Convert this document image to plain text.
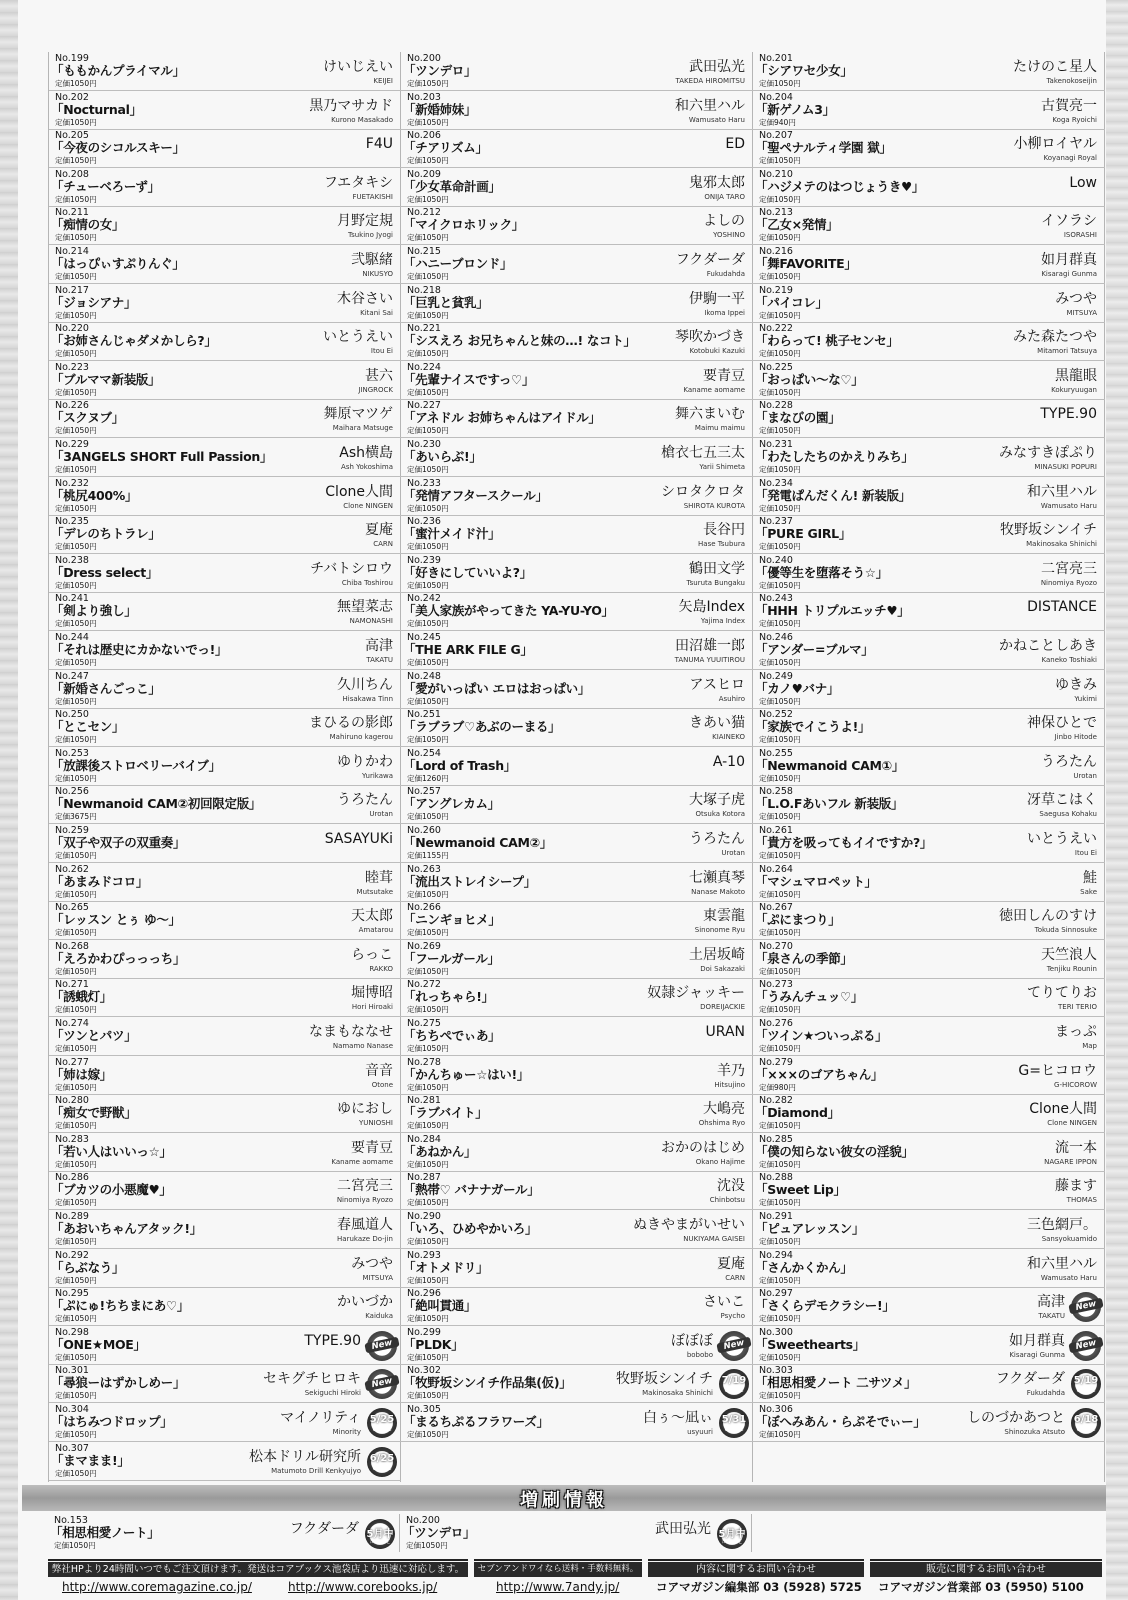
No.199
「ももかんプライマル」
定価1050円
けいじえい
KEIJEI
No.202
「Nocturnal」
定価1050円
黒乃マサカド
Kurono Masakado
No.205
「今夜のシコルスキー」
定価1050円
F4U
No.208
「チューベろーず」
定価1050円
フエタキシ
FUETAKISHI
No.211
「痴情の女」
定価1050円
月野定規
Tsukino Jyogi
No.214
「はっぴぃすぷりんぐ」
定価1050円
弐駆緒
NIKUSYO
No.217
「ジョシアナ」
定価1050円
木谷さい
Kitani Sai
No.220
「お姉さんじゃダメかしら?」
定価1050円
いとうえい
Itou Ei
No.223
「ブルママ新装版」
定価1050円
甚六
JINGROCK
No.226
「スクヌブ」
定価1050円
舞原マツゲ
Maihara Matsuge
No.229
「3ANGELS SHORT Full Passion」
定価1050円
Ash横島
Ash Yokoshima
No.232
「桃尻400%」
定価1050円
Clone人間
Clone NINGEN
No.235
「デレのちトラレ」
定価1050円
夏庵
CARN
No.238
「Dress select」
定価1050円
チバトシロウ
Chiba Toshirou
No.241
「剣より強し」
定価1050円
無望菜志
NAMONASHI
No.244
「それは歴史にカかないでっ!」
定価1050円
高津
TAKATU
No.247
「新婚さんごっこ」
定価1050円
久川ちん
Hisakawa Tinn
No.250
「とこセン」
定価1050円
まひるの影郎
Mahiruno kagerou
No.253
「放課後ストロベリーバイブ」
定価1050円
ゆりかわ
Yurikawa
No.256
「Newmanoid CAM②初回限定版」
定価3675円
うろたん
Urotan
No.259
「双子や双子の双重奏」
定価1050円
SASAYUKi
No.262
「あまみドコロ」
定価1050円
睦茸
Mutsutake
No.265
「レッスン とぅ ゆ〜」
定価1050円
天太郎
Amatarou
No.268
「えろかわぴっっっち」
定価1050円
らっこ
RAKKO
No.271
「誘蛾灯」
定価1050円
堀博昭
Hori Hiroaki
No.274
「ツンとパツ」
定価1050円
なまもななせ
Namamo Nanase
No.277
「姉は嫁」
定価1050円
音音
Otone
No.280
「痴女で野獣」
定価1050円
ゆにおし
YUNIOSHI
No.283
「若い人はいいっ☆」
定価1050円
要青豆
Kaname aomame
No.286
「ブカツの小悪魔♥」
定価1050円
二宮亮三
Ninomiya Ryozo
No.289
「あおいちゃんアタック!」
定価1050円
春風道人
Harukaze Do-jin
No.292
「らぶなう」
定価1050円
みつや
MITSUYA
No.295
「ぷにゅ!ちちまにあ♡」
定価1050円
かいづか
Kaiduka
No.298
「ONE★MOE」
定価1050円
TYPE.90	New
No.301
「尋狼ーはずかしめー」
定価1050円
セキグチヒロキ
Sekiguchi Hiroki
New
No.304
「はちみつドロップ」
定価1050円
マイノリティ
Minority
5/25
On sale
No.307
「まマまま!」
定価1050円
松本ドリル研究所
Matumoto Drill Kenkyujyo
6/25
On sale
No.200
「ツンデロ」
定価1050円
武田弘光
TAKEDA HIROMITSU
No.203
「新婚姉妹」
定価1050円
和六里ハル
Wamusato Haru
No.206
「チアリズム」
定価1050円
ED
No.209
「少女革命計画」
定価1050円
鬼邪太郎
ONIJA TARO
No.212
「マイクロホリック」
定価1050円
よしの
YOSHINO
No.215
「ハニーブロンド」
定価1050円
フクダーダ
Fukudahda
No.218
「巨乳と貧乳」
定価1050円
伊駒一平
Ikoma Ippei
No.221
「シスえろ お兄ちゃんと妹の…! なコト」
定価1050円
琴吹かづき
Kotobuki Kazuki
No.224
「先輩ナイスですっ♡」
定価1050円
要青豆
Kaname aomame
No.227
「アネドル お姉ちゃんはアイドル」
定価1050円
舞六まいむ
Maimu maimu
No.230
「あいらぶ!」
定価1050円
槍衣七五三太
Yarii Shimeta
No.233
「発情アフタースクール」
定価1050円
シロタクロタ
SHIROTA KUROTA
No.236
「蜜汁メイド汁」
定価1050円
長谷円
Hase Tsubura
No.239
「好きにしていいよ?」
定価1050円
鶴田文学
Tsuruta Bungaku
No.242
「美人家族がやってきた YA-YU-YO」
定価1050円
矢島Index
Yajima Index
No.245
「THE ARK FILE G」
定価1050円
田沼雄一郎
TANUMA YUUITIROU
No.248
「愛がいっぱい エロはおっぱい」
定価1050円
アスヒロ
Asuhiro
No.251
「ラブラブ♡あぶのーまる」
定価1050円
きあい猫
KIAINEKO
No.254
「Lord of Trash」
定価1260円
A-10
No.257
「アングレカム」
定価1050円
大塚子虎
Otsuka Kotora
No.260
「Newmanoid CAM②」
定価1155円
うろたん
Urotan
No.263
「流出ストレイシープ」
定価1050円
七瀬真琴
Nanase Makoto
No.266
「ニンギョヒメ」
定価1050円
東雲龍
Sinonome Ryu
No.269
「フールガール」
定価1050円
土居坂崎
Doi Sakazaki
No.272
「れっちゃら!」
定価1050円
奴隷ジャッキー
DOREIJACKIE
No.275
「ちちぺでぃあ」
定価1050円
URAN
No.278
「かんちゅー☆はい!」
定価1050円
羊乃
Hitsujino
No.281
「ラブバイト」
定価1050円
大嶋亮
Ohshima Ryo
No.284
「あねかん」
定価1050円
おかのはじめ
Okano Hajime
No.287
「熱帯♡ バナナガール」
定価1050円
沈没
Chinbotsu
No.290
「いろ、ひめやかいろ」
定価1050円
ぬきやまがいせい
NUKIYAMA GAISEI
No.293
「オトメドリ」
定価1050円
夏庵
CARN
No.296
「絶叫貫通」
定価1050円
さいこ
Psycho
No.299
「PLDK」
定価1050円
ぼぼぼ
bobobo
New
No.302
「牧野坂シンイチ作品集(仮)」
定価1050円
牧野坂シンイチ
Makinosaka Shinichi
7/19
On sale
No.305
「まるちぷるフラワーズ」
定価1050円
白ぅ〜凪ぃ
usyuuri
5/31
On sale
No.201
「シアワセ少女」
定価1050円
たけのこ星人
Takenokoseijin
No.204
「新ゲノム3」
定価940円
古賀亮一
Koga Ryoichi
No.207
「聖ペナルティ学園 獄」
定価1050円
小柳ロイヤル
Koyanagi Royal
No.210
「ハジメテのはつじょうき♥」
定価1050円
Low
No.213
「乙女×発情」
定価1050円
イソラシ
ISORASHI
No.216
「舞FAVORITE」
定価1050円
如月群真
Kisaragi Gunma
No.219
「パイコレ」
定価1050円
みつや
MITSUYA
No.222
「わらって! 桃子センセ」
定価1050円
みた森たつや
Mitamori Tatsuya
No.225
「おっぱい〜な♡」
定価1050円
黒龍眼
Kokuryuugan
No.228
「まなびの園」
定価1050円
TYPE.90
No.231
「わたしたちのかえりみち」
定価1050円
みなすきぽぷり
MINASUKI POPURI
No.234
「発電ぱんだくん! 新装版」
定価1050円
和六里ハル
Wamusato Haru
No.237
「PURE GIRL」
定価1050円
牧野坂シンイチ
Makinosaka Shinichi
No.240
「優等生を堕落そう☆」
定価1050円
二宮亮三
Ninomiya Ryozo
No.243
「HHH トリプルエッチ♥」
定価1050円
DISTANCE
No.246
「アンダー=ブルマ」
定価1050円
かねことしあき
Kaneko Toshiaki
No.249
「カノ♥バナ」
定価1050円
ゆきみ
Yukimi
No.252
「家族でイこうよ!」
定価1050円
神保ひとで
Jinbo Hitode
No.255
「Newmanoid CAM①」
定価1050円
うろたん
Urotan
No.258
「L.O.Fあいフル 新装版」
定価1050円
冴草こはく
Saegusa Kohaku
No.261
「貴方を吸ってもイイですか?」
定価1050円
いとうえい
Itou Ei
No.264
「マシュマロペット」
定価1050円
鮭
Sake
No.267
「ぷにまつり」
定価1050円
徳田しんのすけ
Tokuda Sinnosuke
No.270
「泉さんの季節」
定価1050円
天竺浪人
Tenjiku Rounin
No.273
「うみんチュッ♡」
定価1050円
てりてりお
TERI TERIO
No.276
「ツイン★ついっぷる」
定価1050円
まっぷ
Map
No.279
「×××のゴアちゃん」
定価980円
G=ヒコロウ
G-HICOROW
No.282
「Diamond」
定価1050円
Clone人間
Clone NINGEN
No.285
「僕の知らない彼女の淫貌」
定価1050円
流一本
NAGARE IPPON
No.288
「Sweet Lip」
定価1050円
藤ます
THOMAS
No.291
「ピュアレッスン」
定価1050円
三色網戸。
Sansyokuamido
No.294
「さんかくかん」
定価1050円
和六里ハル
Wamusato Haru
No.297
「さくらデモクラシー!」
定価1050円
高津
TAKATU
New
No.300
「Sweethearts」
定価1050円
如月群真
Kisaragi Gunma
New
No.303
「相思相愛ノート 二サツメ」
定価1050円
フクダーダ
Fukudahda
5/19
On sale
No.306
「ぼへみあん・らぷそでぃー」
定価1050円
しのづかあつと
Shinozuka Atsuto
6/18
On sale
増刷情報
No.153
「相思相愛ノート」
定価1050円
フクダーダ 5月中
出来予定
No.200
「ツンデロ」
定価1050円
武田弘光 5月中
出来予定
弊社HPより24時間いつでもご注文頂けます。発送はコアブックス池袋店より迅速に対応します。
http://www.coremagazine.co.jp/	http://www.corebooks.jp/
セブンアンドワイなら送料・手数料無料。
http://www.7andy.jp/
内容に関するお問い合わせ
コアマガジン編集部 03 (5928) 5725
販売に関するお問い合わせ
コアマガジン営業部 03 (5950) 5100
